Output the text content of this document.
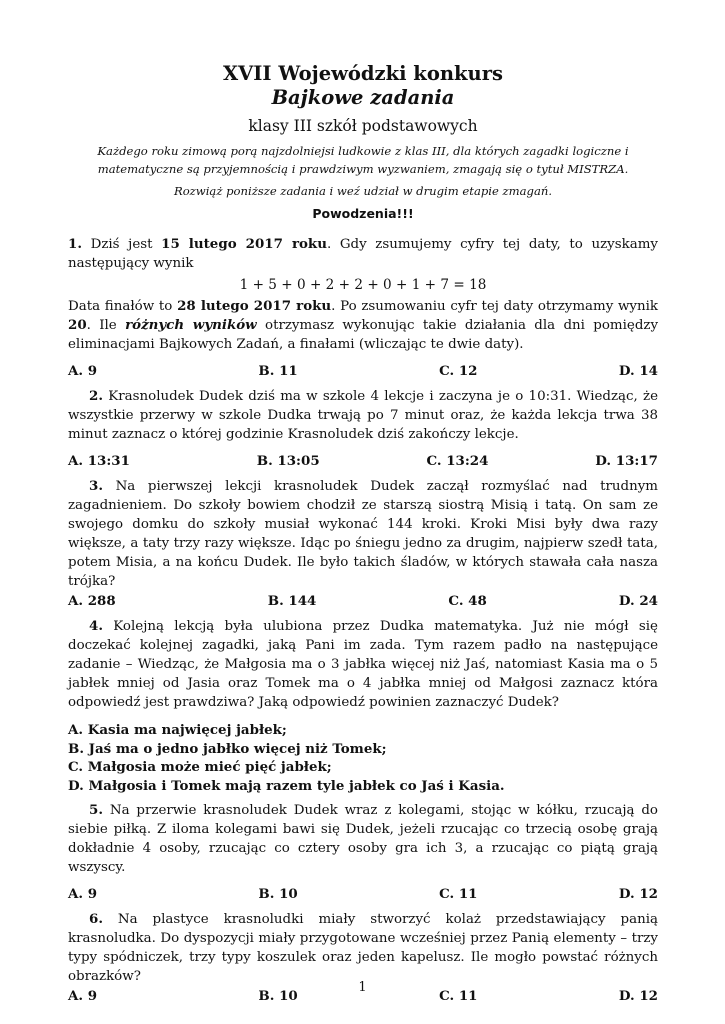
XVII Wojewódzki konkurs
Bajkowe zadania
klasy III szkół podstawowych
Każdego roku zimową porą najzdolniejsi ludkowie z klas III, dla których zagadki logiczne i matematyczne są przyjemnością i prawdziwym wyzwaniem, zmagają się o tytuł MISTRZA.
Rozwiąż poniższe zadania i weź udział w drugim etapie zmagań.
Powodzenia!!!

1. Dziś jest 15 lutego 2017 roku. Gdy zsumujemy cyfry tej daty, to uzyskamy następujący wynik

1 + 5 + 0 + 2 + 2 + 0 + 1 + 7 = 18

Data finałów to 28 lutego 2017 roku. Po zsumowaniu cyfr tej daty otrzymamy wynik 20. Ile różnych wyników otrzymasz wykonując takie działania dla dni pomiędzy eliminacjami Bajkowych Zadań, a finałami (wliczając te dwie daty).

A. 9	B. 11	C. 12	D. 14

2. Krasnoludek Dudek dziś ma w szkole 4 lekcje i zaczyna je o 10:31. Wiedząc, że wszystkie przerwy w szkole Dudka trwają po 7 minut oraz, że każda lekcja trwa 38 minut zaznacz o której godzinie Krasnoludek dziś zakończy lekcje.

A. 13:31	B. 13:05	C. 13:24	D. 13:17

3. Na pierwszej lekcji krasnoludek Dudek zaczął rozmyślać nad trudnym zagadnieniem. Do szkoły bowiem chodził ze starszą siostrą Misią i tatą. On sam ze swojego domku do szkoły musiał wykonać 144 kroki. Kroki Misi były dwa razy większe, a taty trzy razy większe. Idąc po śniegu jedno za drugim, najpierw szedł tata, potem Misia, a na końcu Dudek. Ile było takich śladów, w których stawała cała nasza trójka?

A. 288	B. 144	C. 48	D. 24

4. Kolejną lekcją była ulubiona przez Dudka matematyka. Już nie mógł się doczekać kolejnej zagadki, jaką Pani im zada. Tym razem padło na następujące zadanie – Wiedząc, że Małgosia ma o 3 jabłka więcej niż Jaś, natomiast Kasia ma o 5 jabłek mniej od Jasia oraz Tomek ma o 4 jabłka mniej od Małgosi zaznacz która odpowiedź jest prawdziwa? Jaką odpowiedź powinien zaznaczyć Dudek?

A. Kasia ma najwięcej jabłek;
B. Jaś ma o jedno jabłko więcej niż Tomek;
C. Małgosia może mieć pięć jabłek;
D. Małgosia i Tomek mają razem tyle jabłek co Jaś i Kasia.

5. Na przerwie krasnoludek Dudek wraz z kolegami, stojąc w kółku, rzucają do siebie piłką. Z iloma kolegami bawi się Dudek, jeżeli rzucając co trzecią osobę grają dokładnie 4 osoby, rzucając co cztery osoby gra ich 3, a rzucając co piątą grają wszyscy.

A. 9	B. 10	C. 11	D. 12

6. Na plastyce krasnoludki miały stworzyć kolaż przedstawiający panią krasnoludka. Do dyspozycji miały przygotowane wcześniej przez Panią elementy – trzy typy spódniczek, trzy typy koszulek oraz jeden kapelusz. Ile mogło powstać różnych obrazków?

A. 9	B. 10	C. 11	D. 12
1
